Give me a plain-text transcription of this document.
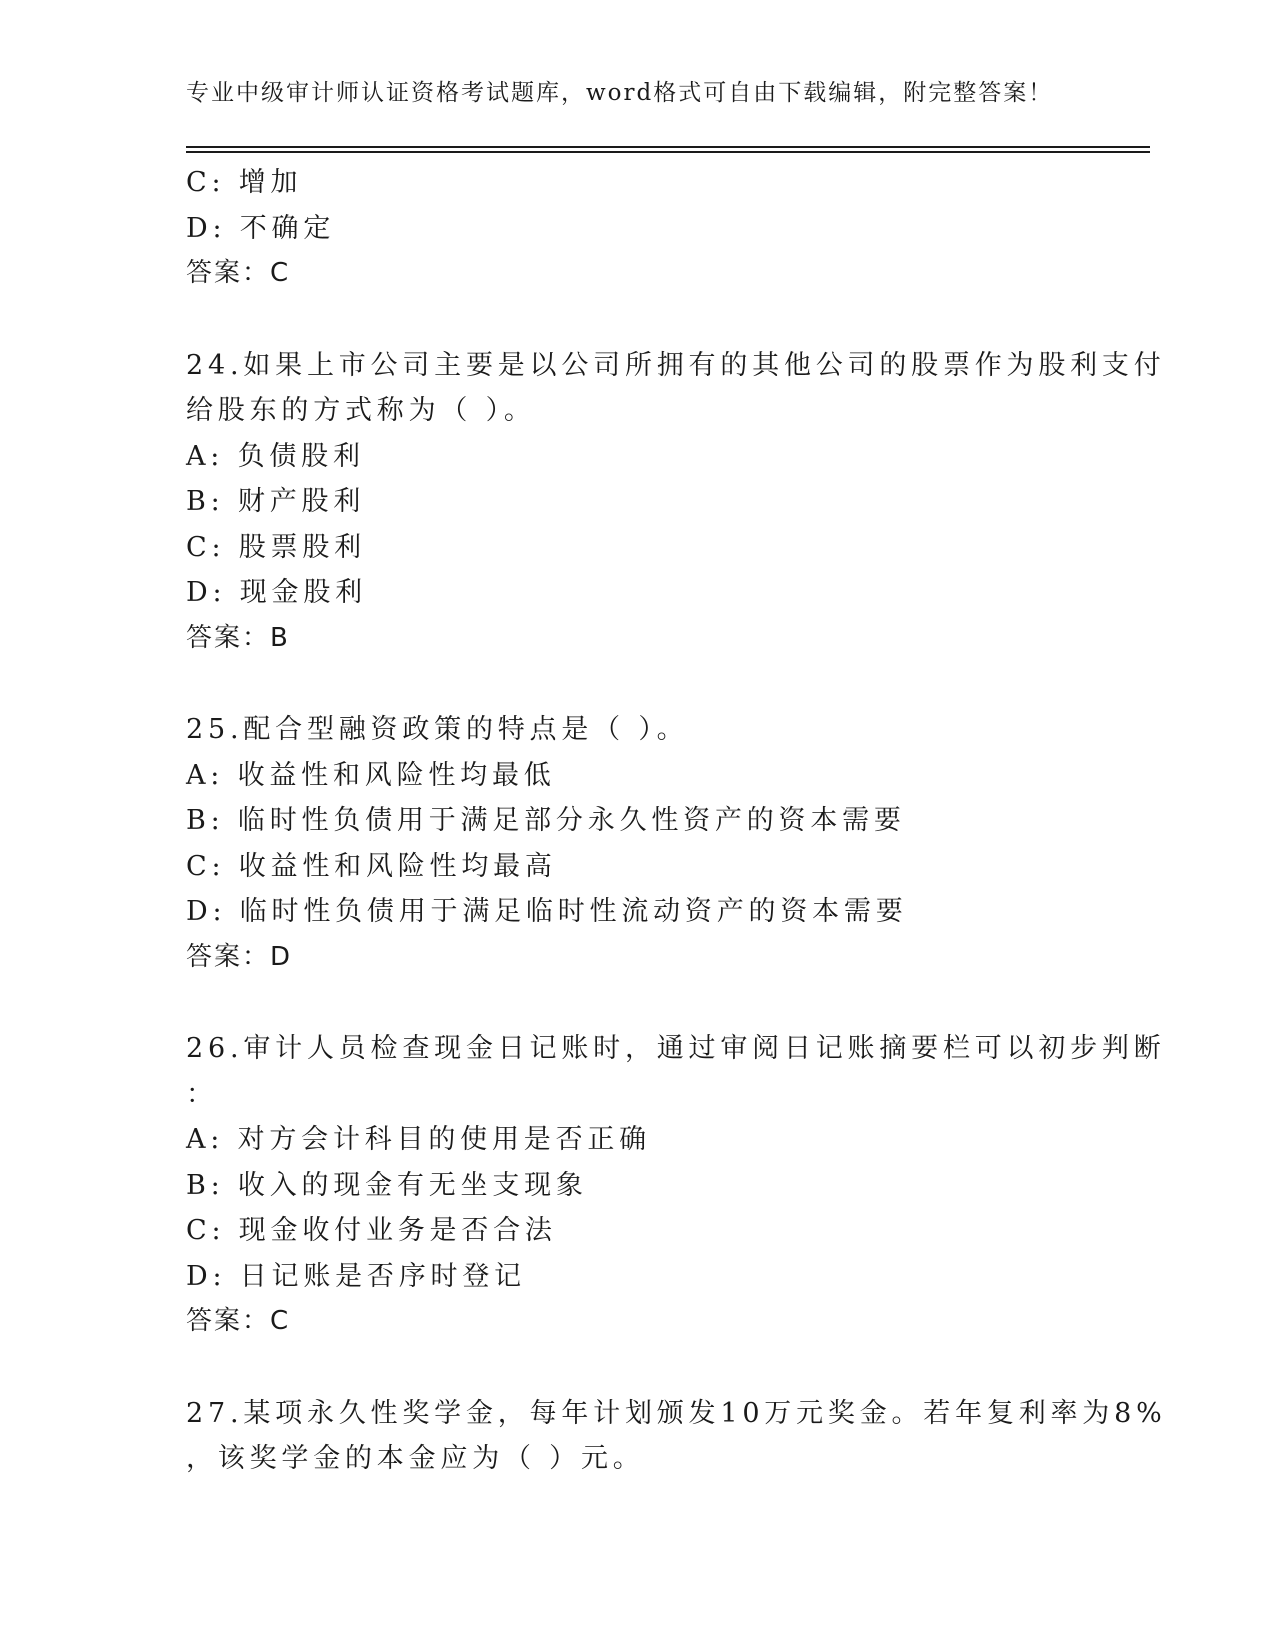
专业中级审计师认证资格考试题库，word格式可自由下载编辑，附完整答案！
C: 增加
D: 不确定
答案：C
24.如果上市公司主要是以公司所拥有的其他公司的股票作为股利支付
给股东的方式称为（ ）。
A: 负债股利
B: 财产股利
C: 股票股利
D: 现金股利
答案：B
25.配合型融资政策的特点是（ ）。
A: 收益性和风险性均最低
B: 临时性负债用于满足部分永久性资产的资本需要
C: 收益性和风险性均最高
D: 临时性负债用于满足临时性流动资产的资本需要
答案：D
26.审计人员检查现金日记账时，通过审阅日记账摘要栏可以初步判断
：
A: 对方会计科目的使用是否正确
B: 收入的现金有无坐支现象
C: 现金收付业务是否合法
D: 日记账是否序时登记
答案：C
27.某项永久性奖学金，每年计划颁发10万元奖金。若年复利率为8%
，该奖学金的本金应为（ ）元。
